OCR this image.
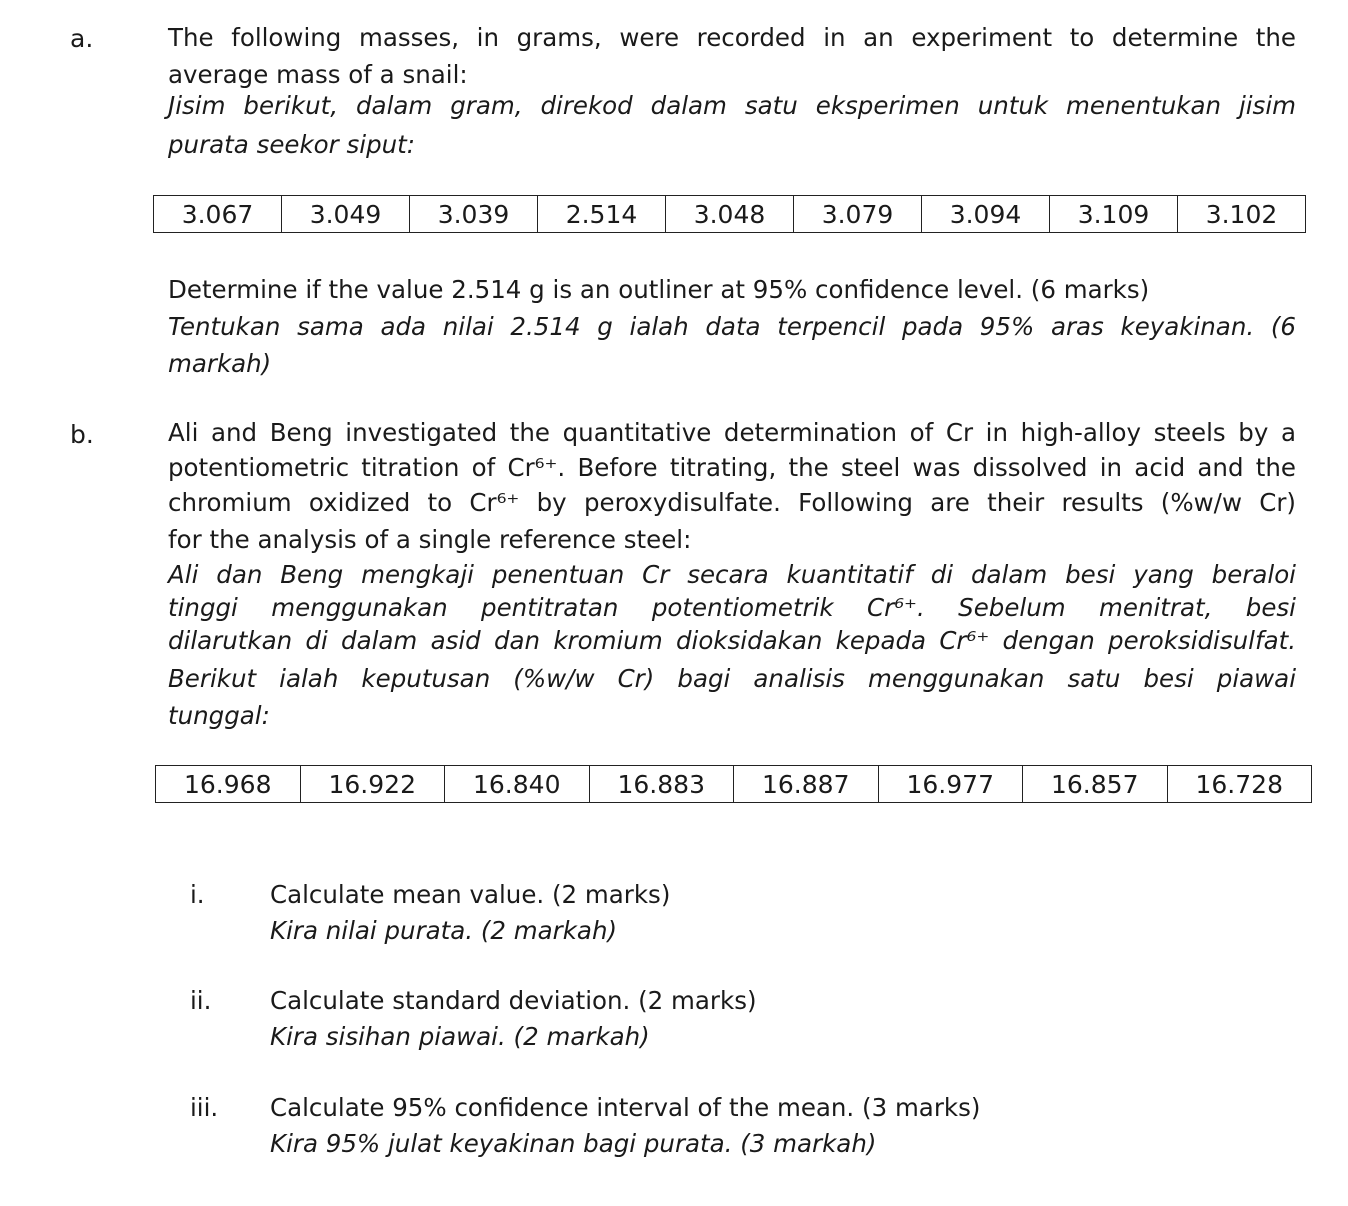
a.	The following masses, in grams, were recorded in an experiment to determine the
average mass of a snail:
Jisim berikut, dalam gram, direkod dalam satu eksperimen untuk menentukan jisim
purata seekor siput:
3.067	3.049	3.039	2.514	3.048	3.079	3.094	3.109	3.102
Determine if the value 2.514 g is an outliner at 95% confidence level. (6 marks)
Tentukan sama ada nilai 2.514 g ialah data terpencil pada 95% aras keyakinan. (6
markah)
b.	Ali and Beng investigated the quantitative determination of Cr in high-alloy steels by a
potentiometric titration of Cr⁶⁺. Before titrating, the steel was dissolved in acid and the
chromium oxidized to Cr⁶⁺ by peroxydisulfate. Following are their results (%w/w Cr)
for the analysis of a single reference steel:
Ali dan Beng mengkaji penentuan Cr secara kuantitatif di dalam besi yang beraloi
tinggi menggunakan pentitratan potentiometrik Cr⁶⁺. Sebelum menitrat, besi
dilarutkan di dalam asid dan kromium dioksidakan kepada Cr⁶⁺ dengan peroksidisulfat.
Berikut ialah keputusan (%w/w Cr) bagi analisis menggunakan satu besi piawai
tunggal:
16.968	16.922	16.840	16.883	16.887	16.977	16.857	16.728
i.	Calculate mean value. (2 marks)
Kira nilai purata. (2 markah)
ii. Calculate standard deviation. (2 marks)
Kira sisihan piawai. (2 markah)
iii. Calculate 95% confidence interval of the mean. (3 marks)
Kira 95% julat keyakinan bagi purata. (3 markah)
